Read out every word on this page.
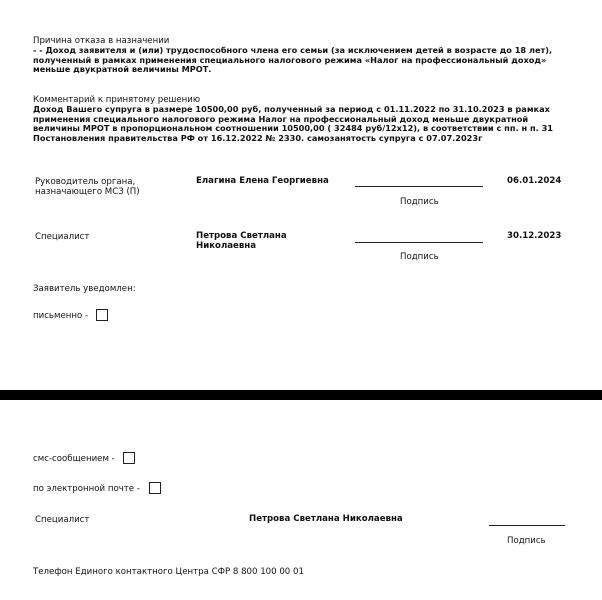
Причина отказа в назначении
- - Доход заявителя и (или) трудоспособного члена его семьи (за исключением детей в возрасте до 18 лет), полученный в рамках применения специального налогового режима «Налог на профессиональный доход» меньше двукратной величины МРОТ.
Комментарий к принятому решению
Доход Вашего супруга в размере 10500,00 руб, полученный за период с 01.11.2022 по 31.10.2023 в рамках применения специального налогового режима Налог на профессиональный доход меньше двукратной величины МРОТ в пропорциональном соотношении 10500,00 ( 32484 руб/12х12), в соответствии с пп. н п. 31 Постановления правительства РФ от 16.12.2022 № 2330. самозанятость супруга с 07.07.2023г
Руководитель органа, назначающего МСЗ (П)
Елагина Елена Георгиевна
Подпись
06.01.2024
Специалист	Петрова Светлана Николаевна
Подпись
30.12.2023
Заявитель уведомлен:
письменно -
смс-сообщением -
по электронной почте -
Специалист	Петрова Светлана Николаевна
Подпись
Телефон Единого контактного Центра СФР 8 800 100 00 01
